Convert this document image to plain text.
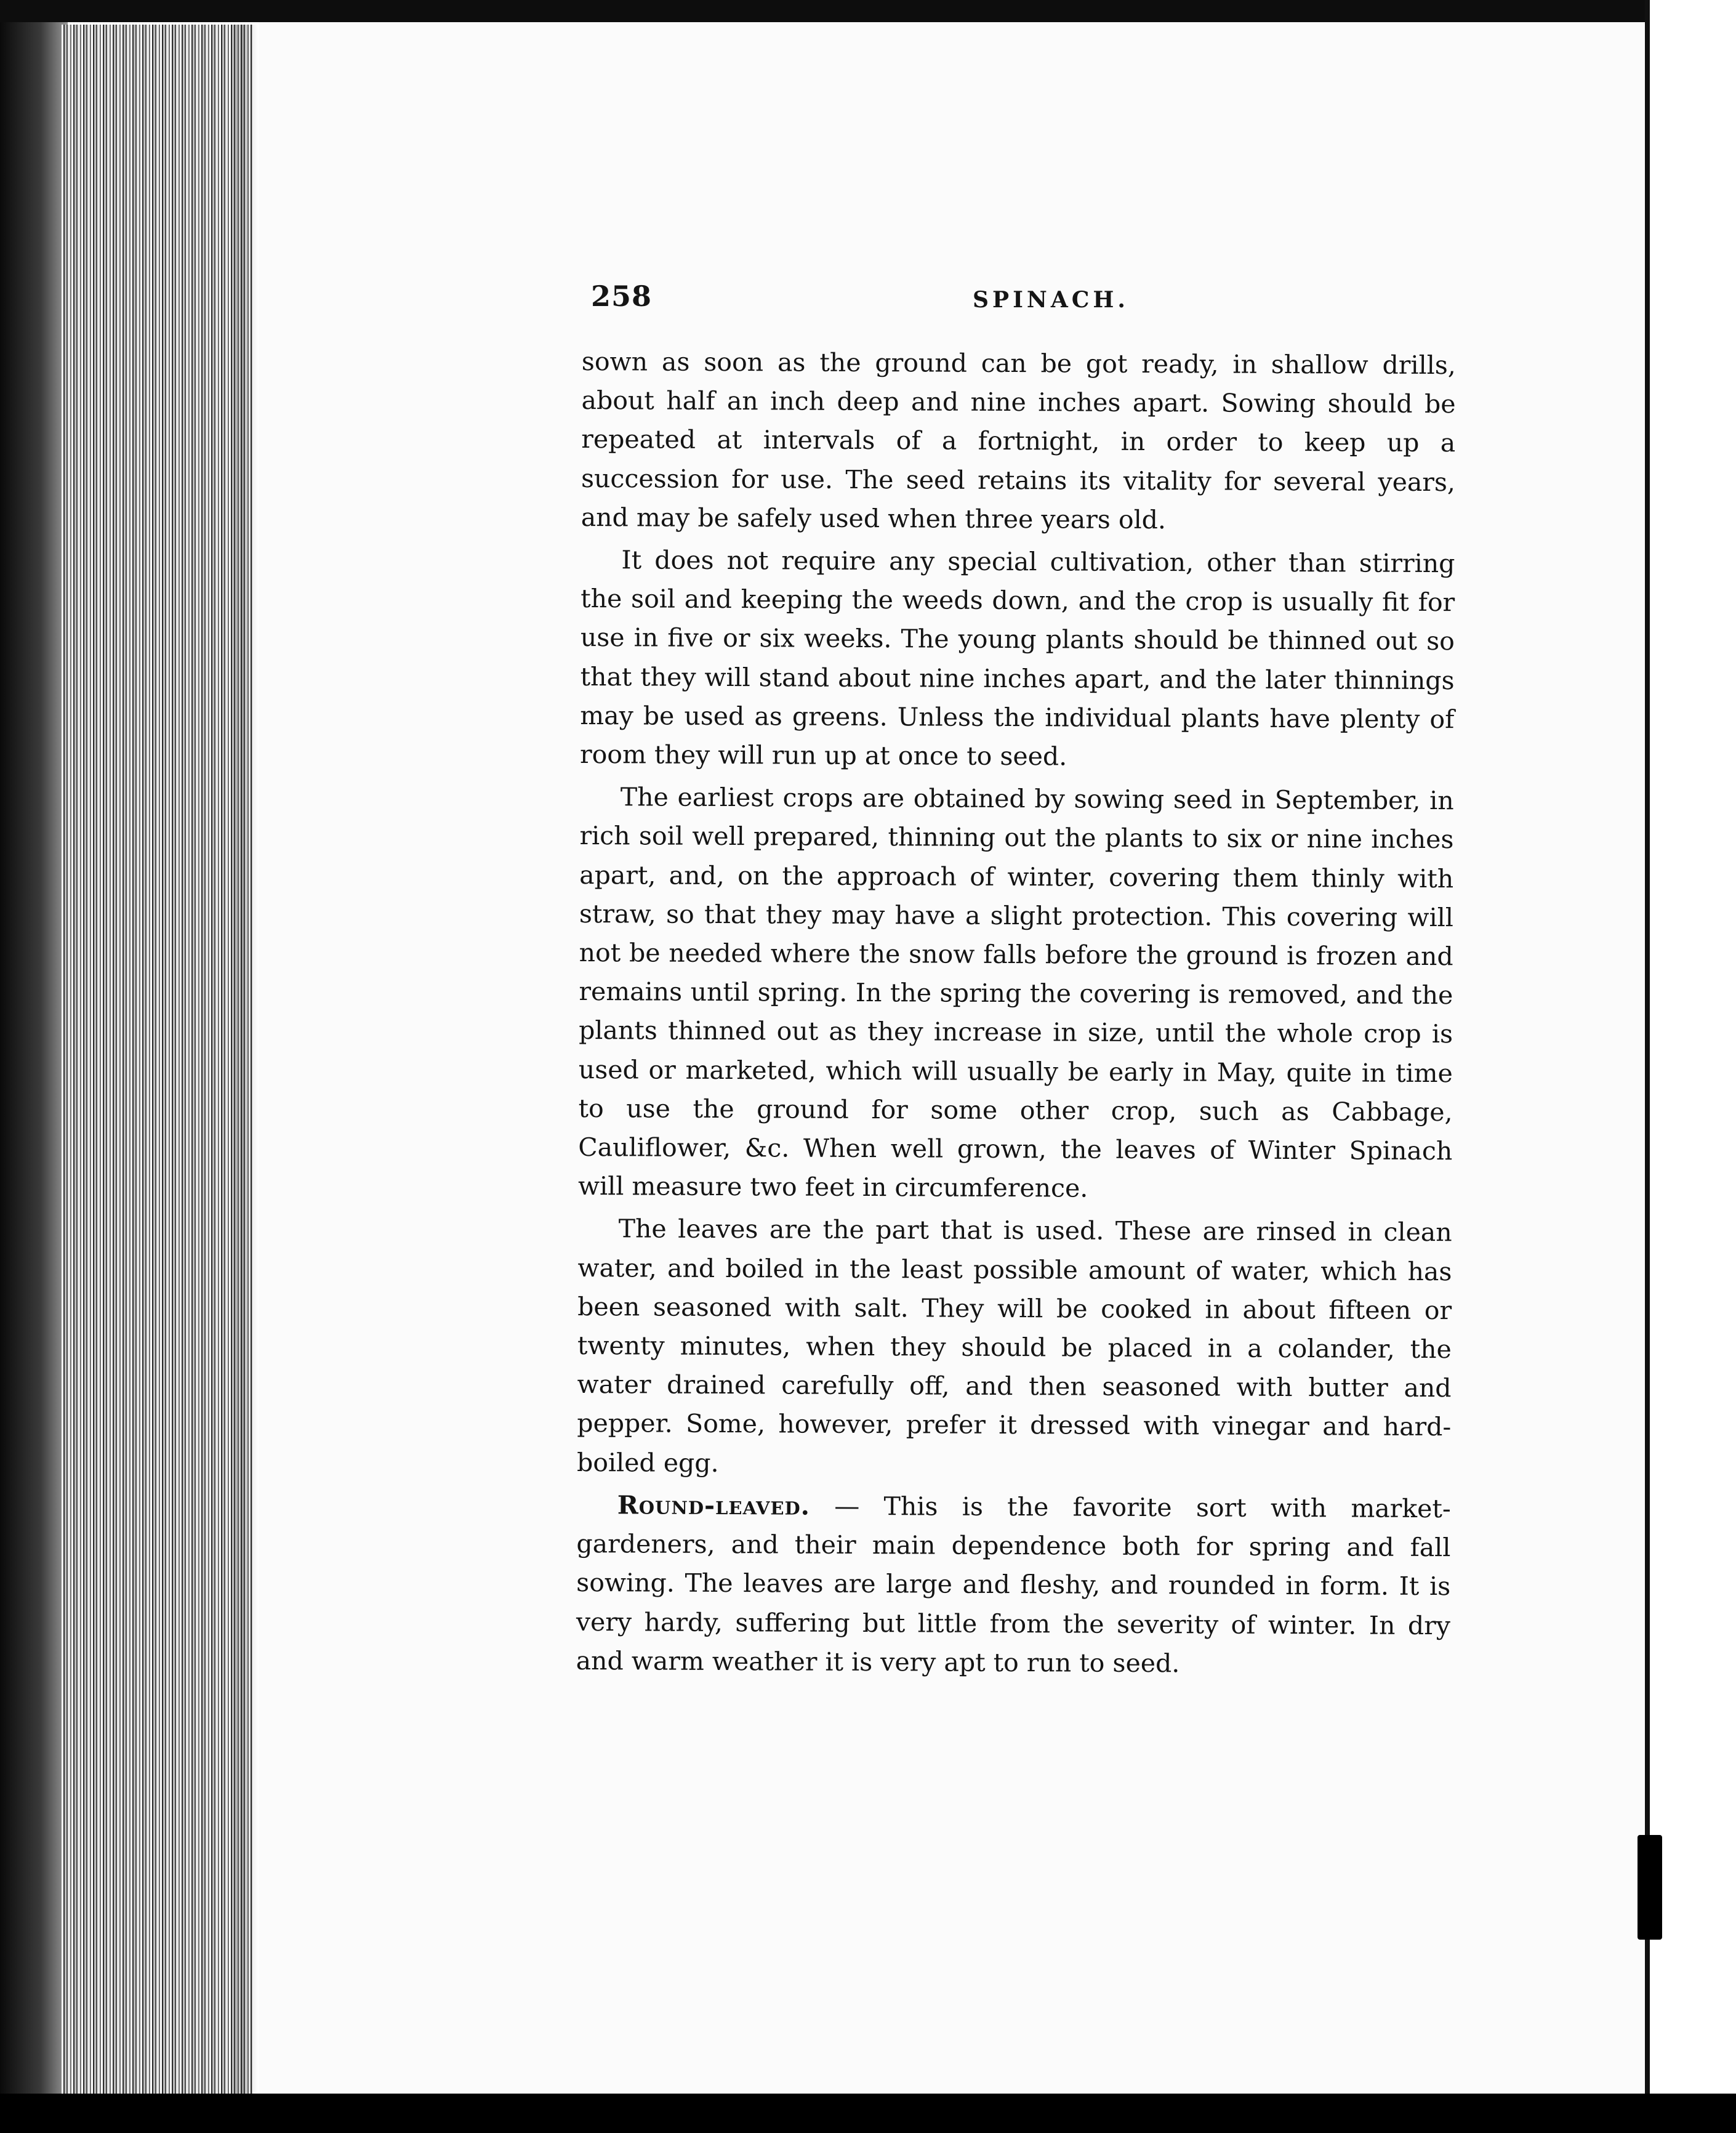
258	SPINACH.

sown as soon as the ground can be got ready, in shallow drills, about half an inch deep and nine inches apart. Sowing should be repeated at intervals of a fortnight, in order to keep up a succession for use. The seed retains its vitality for several years, and may be safely used when three years old.

It does not require any special cultivation, other than stirring the soil and keeping the weeds down, and the crop is usually fit for use in five or six weeks. The young plants should be thinned out so that they will stand about nine inches apart, and the later thinnings may be used as greens. Unless the individual plants have plenty of room they will run up at once to seed.

The earliest crops are obtained by sowing seed in September, in rich soil well prepared, thinning out the plants to six or nine inches apart, and, on the approach of winter, covering them thinly with straw, so that they may have a slight protection. This covering will not be needed where the snow falls before the ground is frozen and remains until spring. In the spring the covering is removed, and the plants thinned out as they increase in size, until the whole crop is used or marketed, which will usually be early in May, quite in time to use the ground for some other crop, such as Cabbage, Cauliflower, &c. When well grown, the leaves of Winter Spinach will measure two feet in circumference.

The leaves are the part that is used. These are rinsed in clean water, and boiled in the least possible amount of water, which has been seasoned with salt. They will be cooked in about fifteen or twenty minutes, when they should be placed in a colander, the water drained carefully off, and then seasoned with butter and pepper. Some, however, prefer it dressed with vinegar and hard-boiled egg.

Round-leaved. — This is the favorite sort with market-gardeners, and their main dependence both for spring and fall sowing. The leaves are large and fleshy, and rounded in form. It is very hardy, suffering but little from the severity of winter. In dry and warm weather it is very apt to run to seed.
